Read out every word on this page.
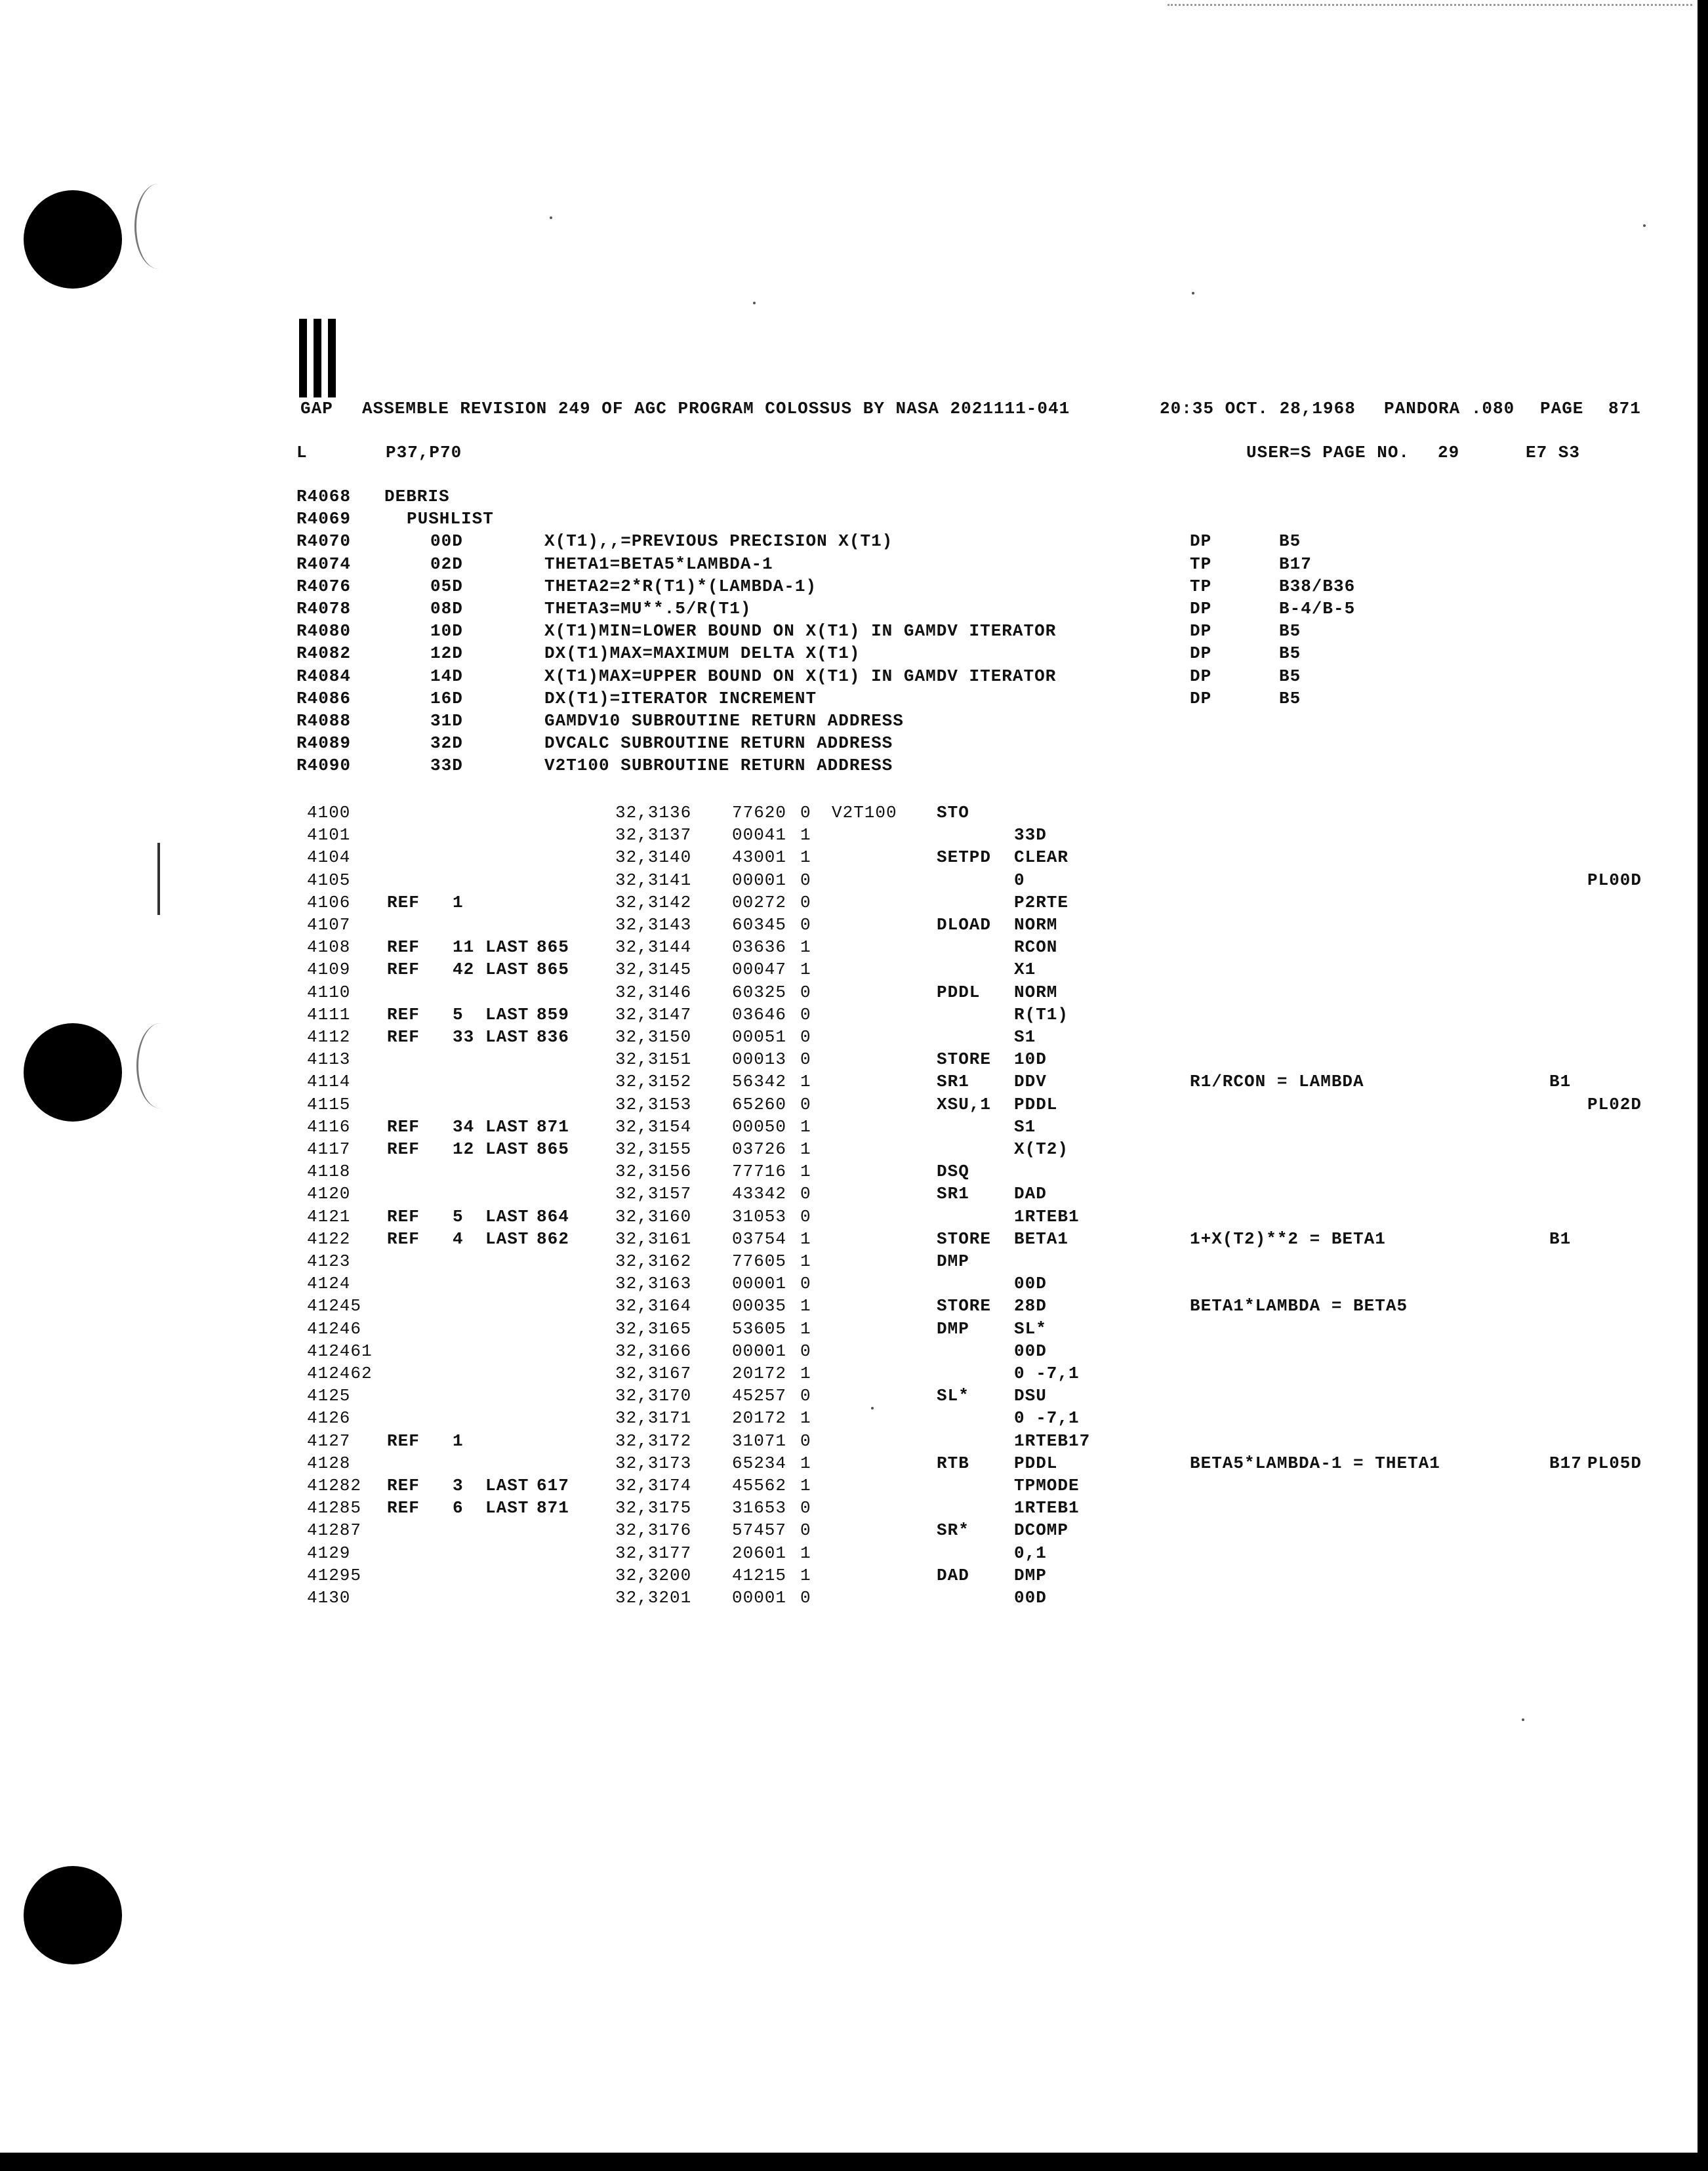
GAP ASSEMBLE REVISION 249 OF AGC PROGRAM COLOSSUS BY NASA 2021111-041	20:35 OCT. 28,1968 PANDORA .080 PAGE 871
L	P37,P70	USER=S PAGE NO. 29	E7 S3
R4068 DEBRIS
R4069	PUSHLIST
R4070	00D	X(T1),,=PREVIOUS PRECISION X(T1)	DP	B5
R4074	02D	THETA1=BETA5*LAMBDA-1	TP	B17
R4076	05D	THETA2=2*R(T1)*(LAMBDA-1)	TP	B38/B36
R4078	08D	THETA3=MU**.5/R(T1)	DP	B-4/B-5
R4080	10D	X(T1)MIN=LOWER BOUND ON X(T1) IN GAMDV ITERATOR	DP	B5
R4082	12D	DX(T1)MAX=MAXIMUM DELTA X(T1)	DP	B5
R4084	14D	X(T1)MAX=UPPER BOUND ON X(T1) IN GAMDV ITERATOR	DP	B5
R4086	16D	DX(T1)=ITERATOR INCREMENT	DP	B5
R4088	31D	GAMDV10 SUBROUTINE RETURN ADDRESS
R4089	32D	DVCALC SUBROUTINE RETURN ADDRESS
R4090	33D	V2T100 SUBROUTINE RETURN ADDRESS
4100	32,3136 77620 0 V2T100 STO
4101	32,3137 00041 1	33D
4104	32,3140 43001 1	SETPD CLEAR
4105	32,3141 00001 0	0	PL00D
4106 REF 1	32,3142 00272 0	P2RTE
4107	32,3143 60345 0	DLOAD NORM
4108 REF 11 LAST 865	32,3144 03636 1	RCON
4109 REF 42 LAST 865	32,3145 00047 1	X1
4110	32,3146 60325 0	PDDL NORM
4111 REF 5 LAST 859	32,3147 03646 0	R(T1)
4112 REF 33 LAST 836	32,3150 00051 0	S1
4113	32,3151 00013 0	STORE 10D
4114	32,3152 56342 1	SR1	DDV	R1/RCON = LAMBDA	B1
4115	32,3153 65260 0	XSU,1 PDDL	PL02D
4116 REF 34 LAST 871	32,3154 00050 1	S1
4117 REF 12 LAST 865	32,3155 03726 1	X(T2)
4118	32,3156 77716 1	DSQ
4120	32,3157 43342 0	SR1	DAD
4121 REF 5 LAST 864	32,3160 31053 0	1RTEB1
4122 REF 4 LAST 862	32,3161 03754 1	STORE BETA1	1+X(T2)**2 = BETA1	B1
4123	32,3162 77605 1	DMP
4124	32,3163 00001 0	00D
41245	32,3164 00035 1	STORE 28D	BETA1*LAMBDA = BETA5
41246	32,3165 53605 1	DMP	SL*
412461	32,3166 00001 0	00D
412462	32,3167 20172 1	0 -7,1
4125	32,3170 45257 0	SL*	DSU
4126	32,3171 20172 1	0 -7,1
4127 REF 1	32,3172 31071 0	1RTEB17
4128	32,3173 65234 1	RTB	PDDL	BETA5*LAMBDA-1 = THETA1	B17 PL05D
41282 REF 3 LAST 617	32,3174 45562 1	TPMODE
41285 REF 6 LAST 871	32,3175 31653 0	1RTEB1
41287	32,3176 57457 0	SR*	DCOMP
4129	32,3177 20601 1	0,1
41295	32,3200 41215 1	DAD	DMP
4130	32,3201 00001 0	00D
